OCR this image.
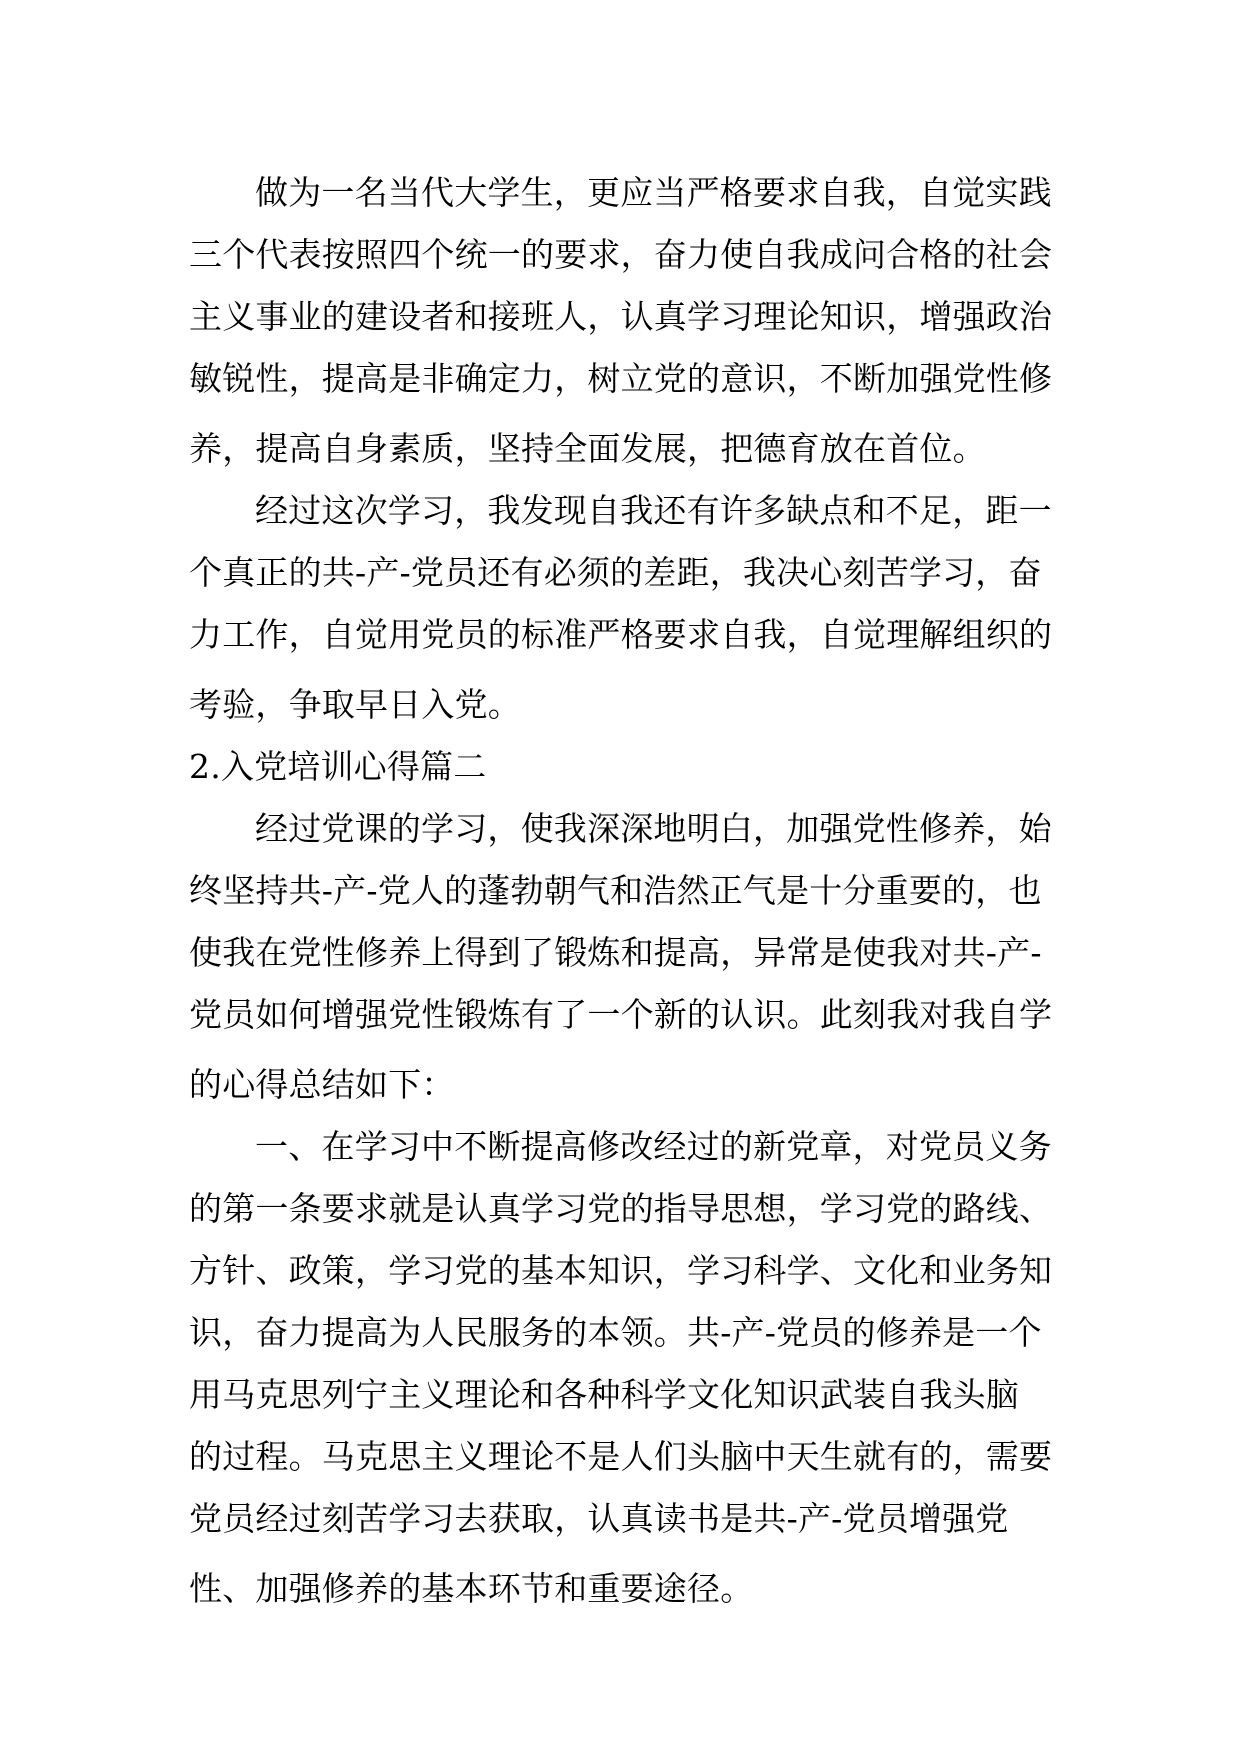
做为一名当代大学生，更应当严格要求自我，自觉实践
三个代表按照四个统一的要求，奋力使自我成问合格的社会
主义事业的建设者和接班人，认真学习理论知识，增强政治
敏锐性，提高是非确定力，树立党的意识，不断加强党性修
养，提高自身素质，坚持全面发展，把德育放在首位。
经过这次学习，我发现自我还有许多缺点和不足，距一
个真正的共-产-党员还有必须的差距，我决心刻苦学习，奋
力工作，自觉用党员的标准严格要求自我，自觉理解组织的
考验，争取早日入党。
2.入党培训心得篇二
经过党课的学习，使我深深地明白，加强党性修养，始
终坚持共-产-党人的蓬勃朝气和浩然正气是十分重要的，也
使我在党性修养上得到了锻炼和提高，异常是使我对共-产-
党员如何增强党性锻炼有了一个新的认识。此刻我对我自学
的心得总结如下：
一、在学习中不断提高修改经过的新党章，对党员义务
的第一条要求就是认真学习党的指导思想，学习党的路线、
方针、政策，学习党的基本知识，学习科学、文化和业务知
识，奋力提高为人民服务的本领。共-产-党员的修养是一个
用马克思列宁主义理论和各种科学文化知识武装自我头脑
的过程。马克思主义理论不是人们头脑中天生就有的，需要
党员经过刻苦学习去获取，认真读书是共-产-党员增强党
性、加强修养的基本环节和重要途径。
